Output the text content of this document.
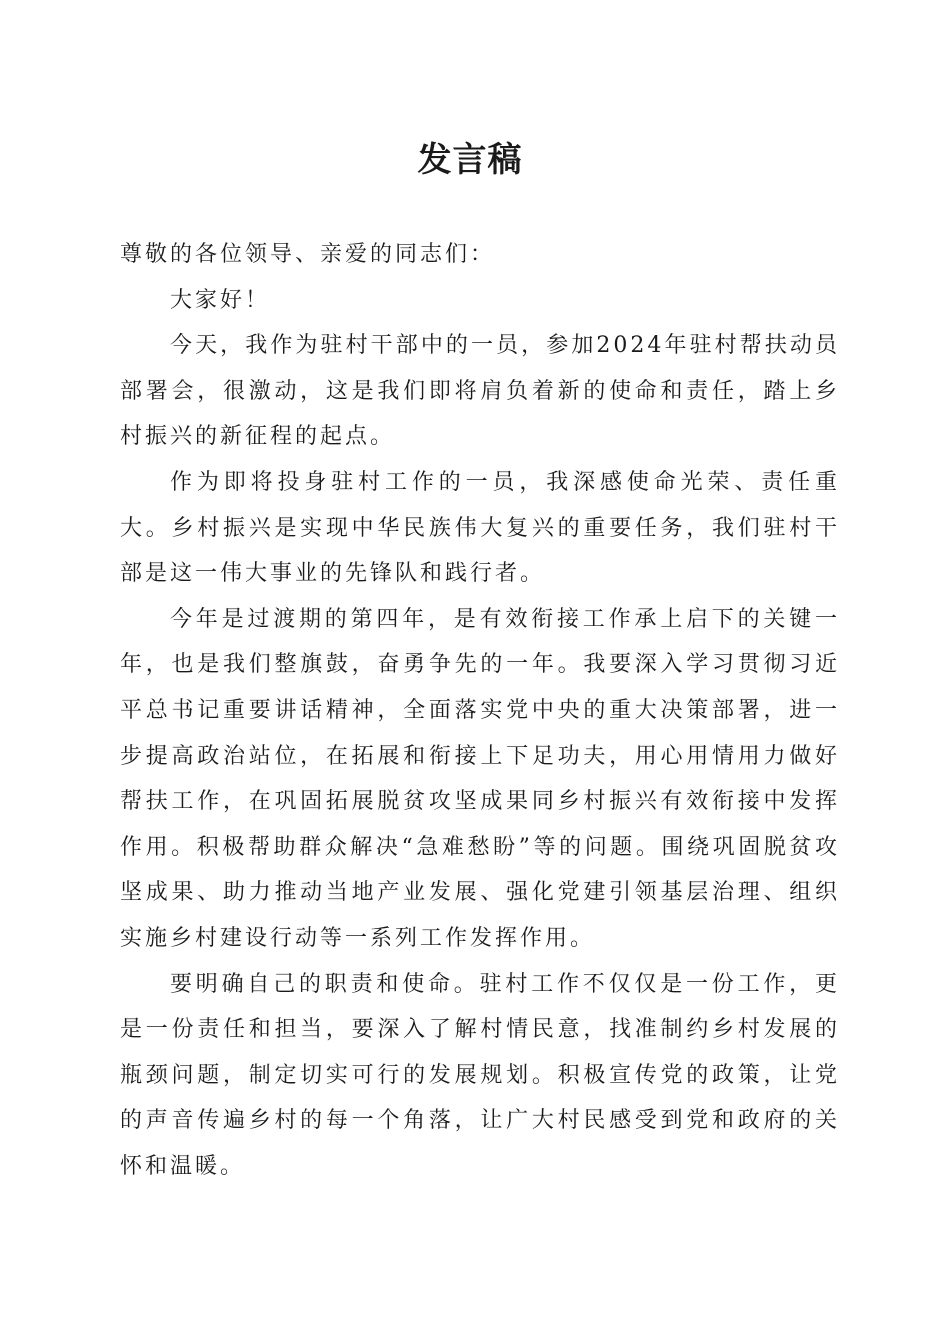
发言稿

尊敬的各位领导、亲爱的同志们：

大家好！

今天，我作为驻村干部中的一员，参加2024年驻村帮扶动员部署会，很激动，这是我们即将肩负着新的使命和责任，踏上乡村振兴的新征程的起点。

作为即将投身驻村工作的一员，我深感使命光荣、责任重大。乡村振兴是实现中华民族伟大复兴的重要任务，我们驻村干部是这一伟大事业的先锋队和践行者。

今年是过渡期的第四年，是有效衔接工作承上启下的关键一年，也是我们整旗鼓，奋勇争先的一年。我要深入学习贯彻习近平总书记重要讲话精神，全面落实党中央的重大决策部署，进一步提高政治站位，在拓展和衔接上下足功夫，用心用情用力做好帮扶工作，在巩固拓展脱贫攻坚成果同乡村振兴有效衔接中发挥作用。积极帮助群众解决“急难愁盼”等的问题。围绕巩固脱贫攻坚成果、助力推动当地产业发展、强化党建引领基层治理、组织实施乡村建设行动等一系列工作发挥作用。

要明确自己的职责和使命。驻村工作不仅仅是一份工作，更是一份责任和担当，要深入了解村情民意，找准制约乡村发展的瓶颈问题，制定切实可行的发展规划。积极宣传党的政策，让党的声音传遍乡村的每一个角落，让广大村民感受到党和政府的关怀和温暖。
